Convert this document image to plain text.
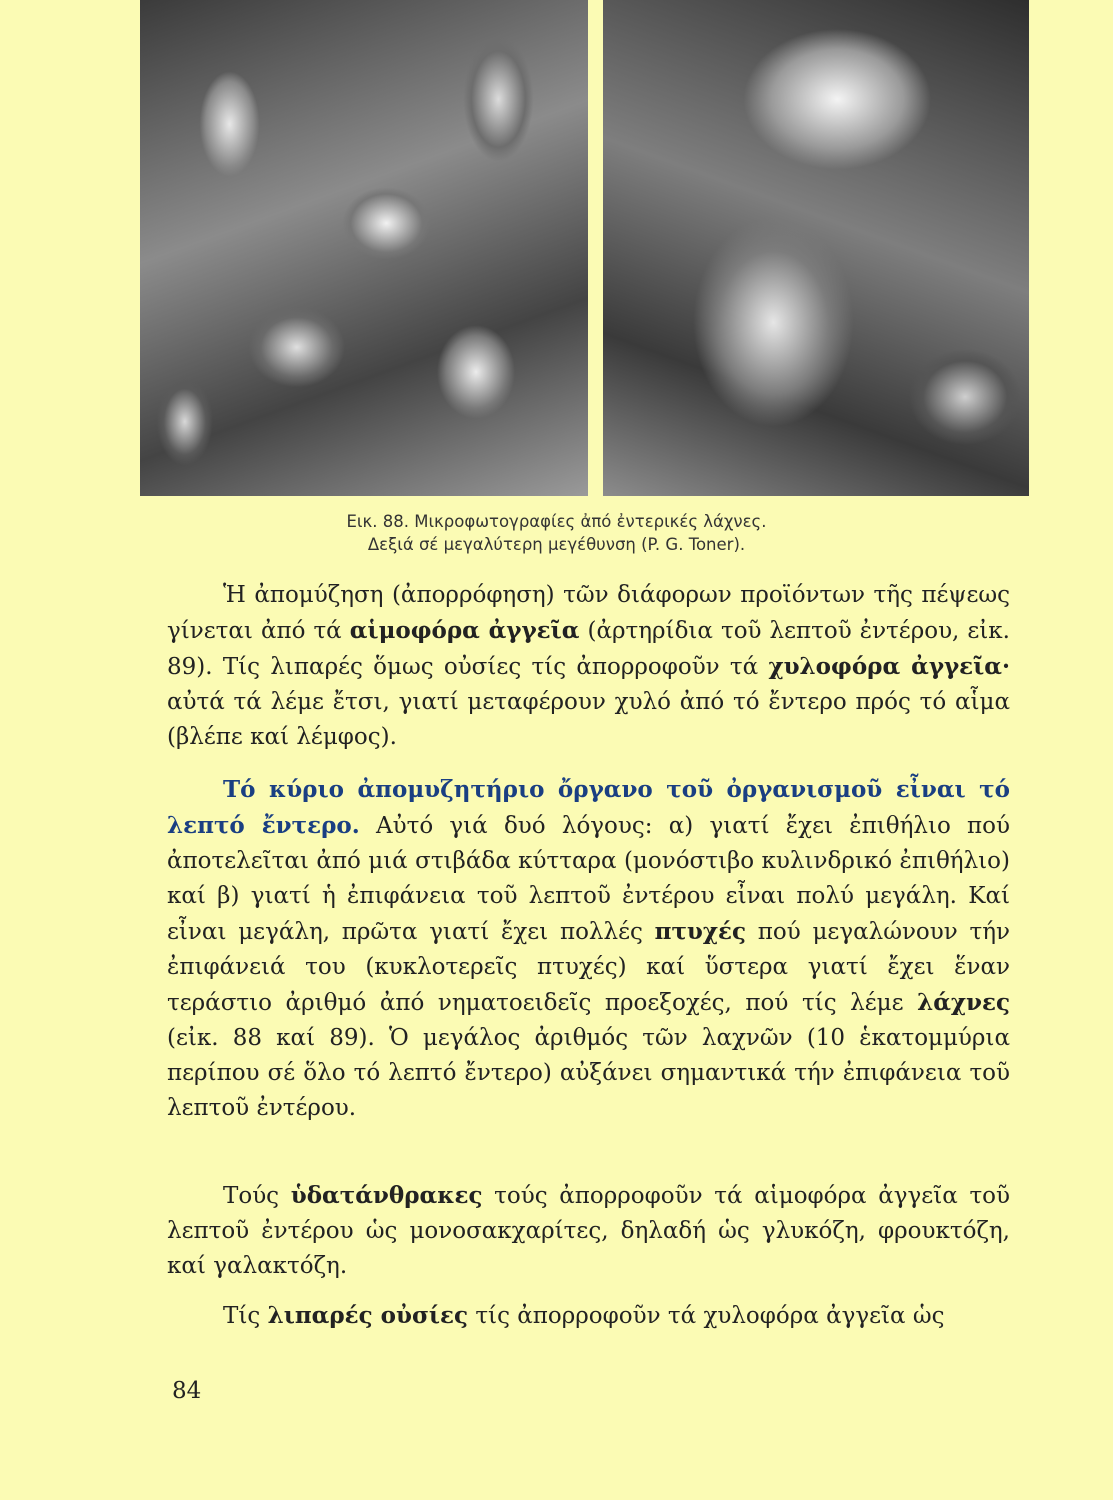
Εικ. 88. Μικροφωτογραφίες ἀπό ἐντερικές λάχνες.
Δεξιά σέ μεγαλύτερη μεγέθυνση (P. G. Toner).
Ἡ ἀπομύζηση (ἀπορρόφηση) τῶν διάφορων προϊόντων τῆς πέψεως γίνεται ἀπό τά αἱμοφόρα ἀγγεῖα (ἀρτηρίδια τοῦ λεπτοῦ ἐντέρου, εἰκ. 89). Τίς λιπαρές ὅμως οὐσίες τίς ἀπορροφοῦν τά χυλοφόρα ἀγγεῖα· αὐτά τά λέμε ἔτσι, γιατί μεταφέρουν χυλό ἀπό τό ἔντερο πρός τό αἷμα (βλέπε καί λέμφος).
Τό κύριο ἀπομυζητήριο ὄργανο τοῦ ὀργανισμοῦ εἶναι τό λεπτό ἔντερο. Αὐτό γιά δυό λόγους: α) γιατί ἔχει ἐπιθήλιο πού ἀποτελεῖται ἀπό μιά στιβάδα κύτταρα (μονόστιβο κυλινδρικό ἐπιθήλιο) καί β) γιατί ἡ ἐπιφάνεια τοῦ λεπτοῦ ἐντέρου εἶναι πολύ μεγάλη. Καί εἶναι μεγάλη, πρῶτα γιατί ἔχει πολλές πτυχές πού μεγαλώνουν τήν ἐπιφάνειά του (κυκλοτερεῖς πτυχές) καί ὕστερα γιατί ἔχει ἕναν τεράστιο ἀριθμό ἀπό νηματοειδεῖς προεξοχές, πού τίς λέμε λάχνες (εἰκ. 88 καί 89). Ὁ μεγάλος ἀριθμός τῶν λαχνῶν (10 ἑκατομμύρια περίπου σέ ὅλο τό λεπτό ἔντερο) αὐξάνει σημαντικά τήν ἐπιφάνεια τοῦ λεπτοῦ ἐντέρου.
Τούς ὑδατάνθρακες τούς ἀπορροφοῦν τά αἱμοφόρα ἀγγεῖα τοῦ λεπτοῦ ἐντέρου ὡς μονοσακχαρίτες, δηλαδή ὡς γλυκόζη, φρουκτόζη, καί γαλακτόζη.
Τίς λιπαρές οὐσίες τίς ἀπορροφοῦν τά χυλοφόρα ἀγγεῖα ὡς
84
